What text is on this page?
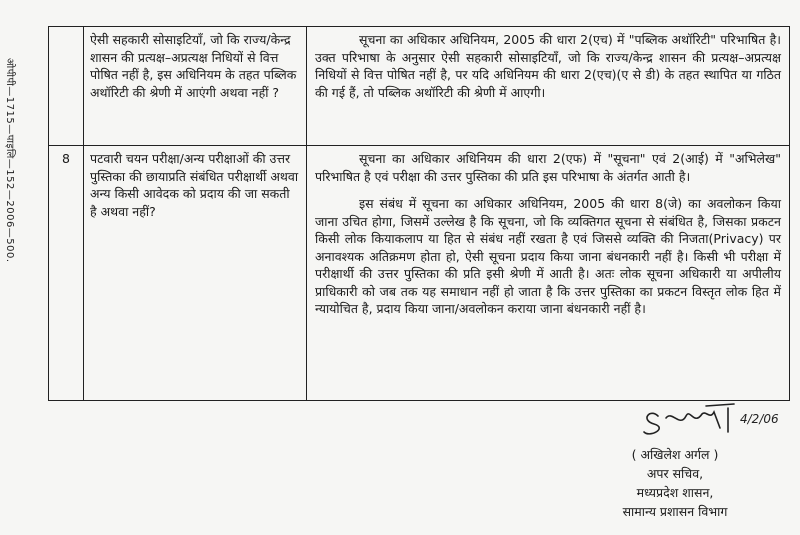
ओपीपी—1715—पाइलि—152—2006—500.
	ऐसी सहकारी सोसाइटियाँ, जो कि राज्य/केन्द्र शासन की प्रत्यक्ष–अप्रत्यक्ष निधियों से वित्त पोषित नहीं है, इस अधिनियम के तहत पब्लिक अथॉरिटी की श्रेणी में आएंगी अथवा नहीं ?	सूचना का अधिकार अधिनियम, 2005 की धारा 2(एच) में "पब्लिक अथॉरिटी" परिभाषित है। उक्त परिभाषा के अनुसार ऐसी सहकारी सोसाइटियाँ, जो कि राज्य/केन्द्र शासन की प्रत्यक्ष–अप्रत्यक्ष निधियों से वित्त पोषित नहीं है, पर यदि अधिनियम की धारा 2(एच)(ए से डी) के तहत स्थापित या गठित की गई हैं, तो पब्लिक अथॉरिटी की श्रेणी में आएगी।

8	पटवारी चयन परीक्षा/अन्य परीक्षाओं की उत्तर पुस्तिका की छायाप्रति संबंधित परीक्षार्थी अथवा अन्य किसी आवेदक को प्रदाय की जा सकती है अथवा नहीं?	सूचना का अधिकार अधिनियम की धारा 2(एफ) में "सूचना" एवं 2(आई) में "अभिलेख" परिभाषित है एवं परीक्षा की उत्तर पुस्तिका की प्रति इस परिभाषा के अंतर्गत आती है।

इस संबंध में सूचना का अधिकार अधिनियम, 2005 की धारा 8(जे) का अवलोकन किया जाना उचित होगा, जिसमें उल्लेख है कि सूचना, जो कि व्यक्तिगत सूचना से संबंधित है, जिसका प्रकटन किसी लोक कियाकलाप या हित से संबंध नहीं रखता है एवं जिससे व्यक्ति की निजता(Privacy) पर अनावश्यक अतिक्रमण होता हो, ऐसी सूचना प्रदाय किया जाना बंधनकारी नहीं है। किसी भी परीक्षा में परीक्षार्थी की उत्तर पुस्तिका की प्रति इसी श्रेणी में आती है। अतः लोक सूचना अधिकारी या अपीलीय प्राधिकारी को जब तक यह समाधान नहीं हो जाता है कि उत्तर पुस्तिका का प्रकटन विस्तृत लोक हित में न्यायोचित है, प्रदाय किया जाना/अवलोकन कराया जाना बंधनकारी नहीं है।

4/2/06
( अखिलेश अर्गल )
अपर सचिव,
मध्यप्रदेश शासन,
सामान्य प्रशासन विभाग
